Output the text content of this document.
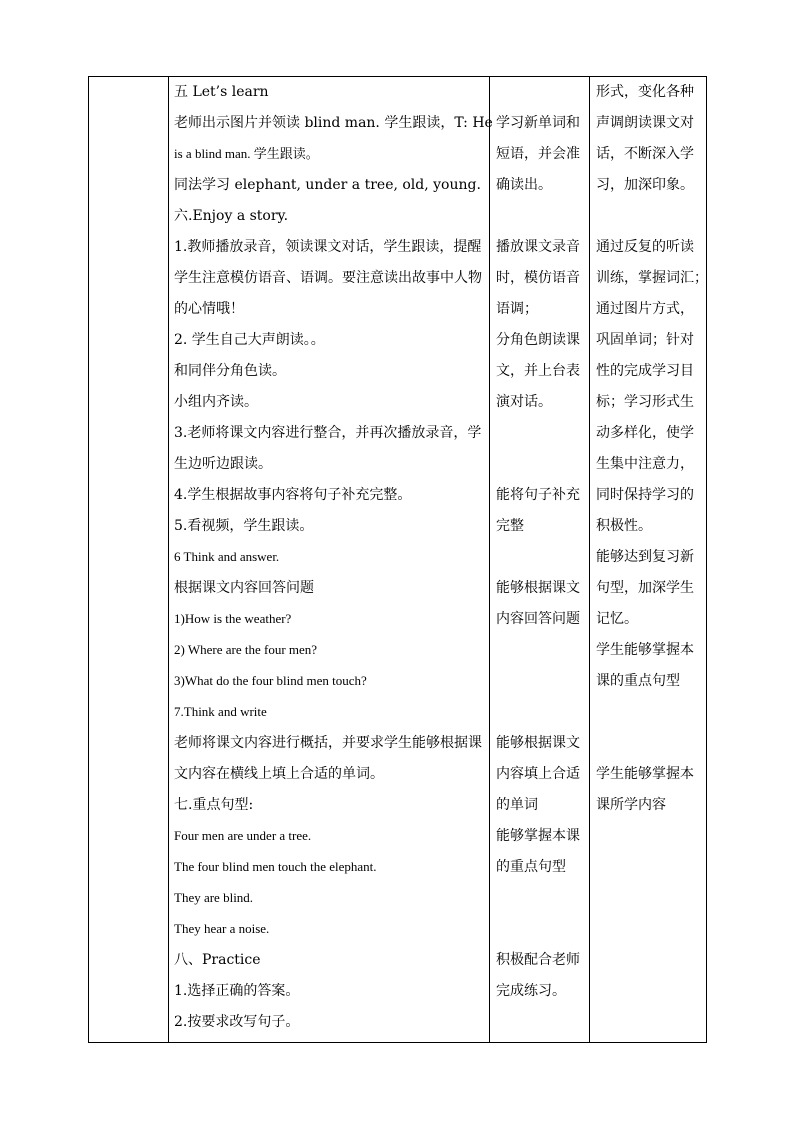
五 Let’s learn
老师出示图片并领读 blind man. 学生跟读，T: He
is a blind man. 学生跟读。
同法学习 elephant, under a tree, old, young.
六.Enjoy a story.
1.教师播放录音，领读课文对话，学生跟读，提醒
学生注意模仿语音、语调。要注意读出故事中人物
的心情哦！
2. 学生自己大声朗读。。
和同伴分角色读。
小组内齐读。
3.老师将课文内容进行整合，并再次播放录音，学
生边听边跟读。
4.学生根据故事内容将句子补充完整。
5.看视频，学生跟读。
6 Think and answer.
根据课文内容回答问题
1)How is the weather?
2) Where are the four men?
3)What do the four blind men touch?
7.Think and write
老师将课文内容进行概括，并要求学生能够根据课
文内容在横线上填上合适的单词。
七.重点句型:
Four men are under a tree.
The four blind men touch the elephant.
They are blind.
They hear a noise.
八、Practice
1.选择正确的答案。
2.按要求改写句子。
学习新单词和
短语，并会准
确读出。
播放课文录音
时，模仿语音
语调；
分角色朗读课
文，并上台表
演对话。
能将句子补充
完整
能够根据课文
内容回答问题
能够根据课文
内容填上合适
的单词
能够掌握本课
的重点句型
积极配合老师
完成练习。
形式，变化各种
声调朗读课文对
话，不断深入学
习，加深印象。
通过反复的听读
训练，掌握词汇；
通过图片方式，
巩固单词；针对
性的完成学习目
标；学习形式生
动多样化，使学
生集中注意力，
同时保持学习的
积极性。
能够达到复习新
句型，加深学生
记忆。
学生能够掌握本
课的重点句型
学生能够掌握本
课所学内容
